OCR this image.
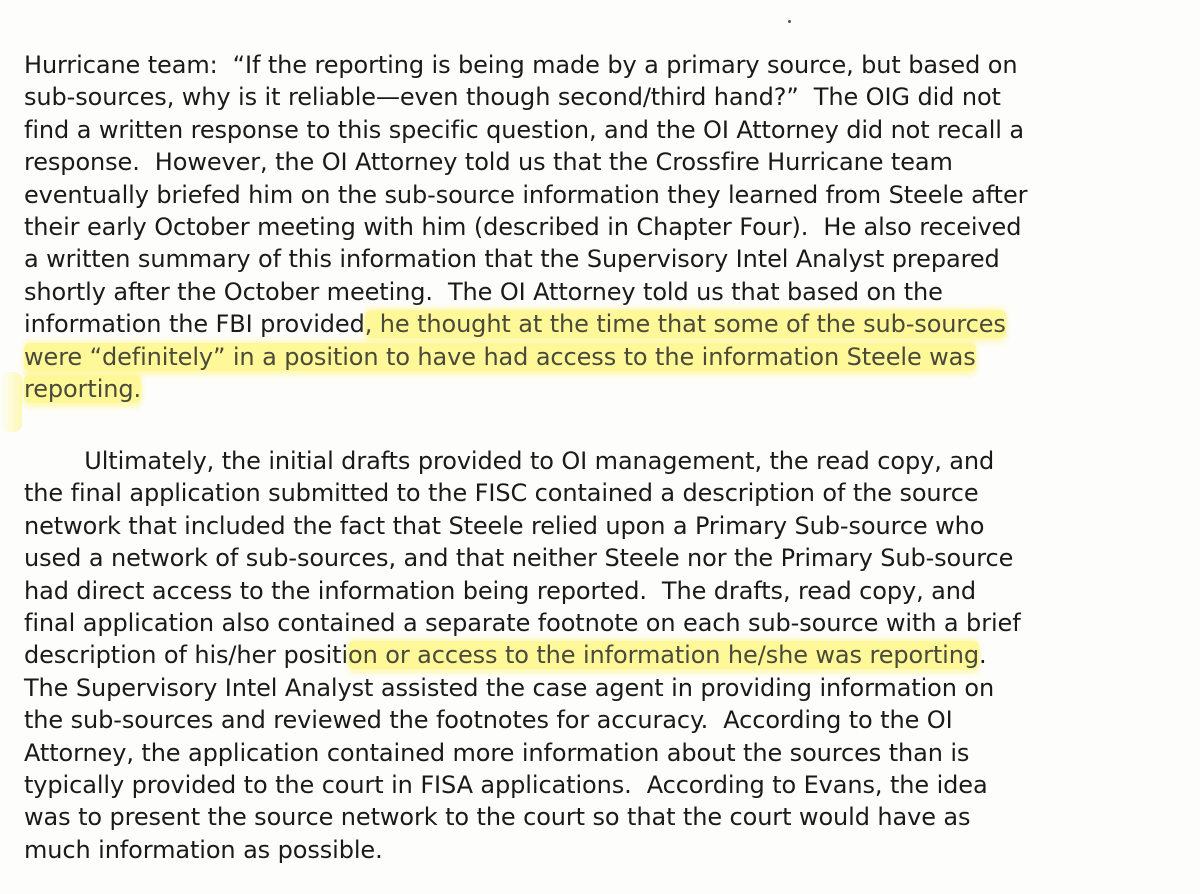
Hurricane team:  “If the reporting is being made by a primary source, but based on
sub-sources, why is it reliable—even though second/third hand?”  The OIG did not
find a written response to this specific question, and the OI Attorney did not recall a
response.  However, the OI Attorney told us that the Crossfire Hurricane team
eventually briefed him on the sub-source information they learned from Steele after
their early October meeting with him (described in Chapter Four).  He also received
a written summary of this information that the Supervisory Intel Analyst prepared
shortly after the October meeting.  The OI Attorney told us that based on the
information the FBI provided, he thought at the time that some of the sub-sources
were “definitely” in a position to have had access to the information Steele was
reporting.

Ultimately, the initial drafts provided to OI management, the read copy, and
the final application submitted to the FISC contained a description of the source
network that included the fact that Steele relied upon a Primary Sub-source who
used a network of sub-sources, and that neither Steele nor the Primary Sub-source
had direct access to the information being reported.  The drafts, read copy, and
final application also contained a separate footnote on each sub-source with a brief
description of his/her position or access to the information he/she was reporting.
The Supervisory Intel Analyst assisted the case agent in providing information on
the sub-sources and reviewed the footnotes for accuracy.  According to the OI
Attorney, the application contained more information about the sources than is
typically provided to the court in FISA applications.  According to Evans, the idea
was to present the source network to the court so that the court would have as
much information as possible.
